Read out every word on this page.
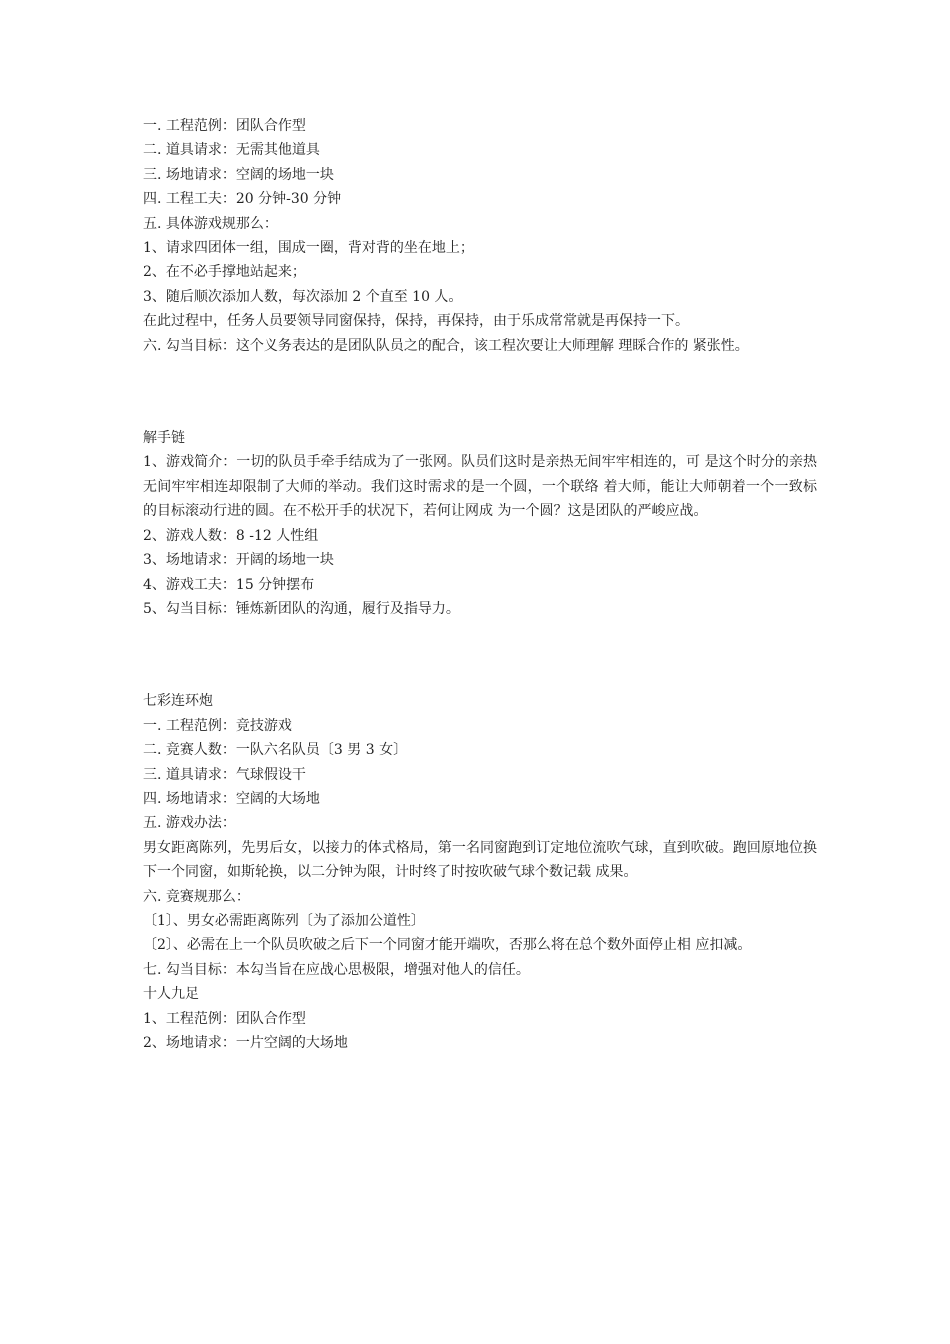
一. 工程范例：团队合作型

二. 道具请求：无需其他道具

三. 场地请求：空阔的场地一块

四. 工程工夫：20 分钟-30 分钟

五. 具体游戏规那么：

1、请求四团体一组，围成一圈，背对背的坐在地上；

2、在不必手撑地站起来；

3、随后顺次添加人数，每次添加 2 个直至 10 人。

在此过程中，任务人员要领导同窗保持，保持，再保持，由于乐成常常就是再保持一下。

六. 勾当目标：这个义务表达的是团队队员之的配合，该工程次要让大师理解 理睬合作的 紧张性。

解手链

1、游戏简介：一切的队员手牵手结成为了一张网。队员们这时是亲热无间牢牢相连的，可 是这个时分的亲热无间牢牢相连却限制了大师的举动。我们这时需求的是一个圆，一个联络 着大师，能让大师朝着一个一致标的目标滚动行进的圆。在不松开手的状况下，若何让网成 为一个圆？这是团队的严峻应战。

2、游戏人数：8 -12 人性组

3、场地请求：开阔的场地一块

4、游戏工夫：15 分钟摆布

5、勾当目标：锤炼新团队的沟通，履行及指导力。

七彩连环炮

一. 工程范例：竞技游戏

二. 竞赛人数：一队六名队员〔3 男 3 女〕

三. 道具请求：气球假设干

四. 场地请求：空阔的大场地

五. 游戏办法：

男女距离陈列，先男后女，以接力的体式格局，第一名同窗跑到订定地位流吹气球，直到吹破。跑回原地位换下一个同窗，如斯轮换，以二分钟为限，计时终了时按吹破气球个数记载 成果。

六. 竞赛规那么：

〔1〕、男女必需距离陈列〔为了添加公道性〕

〔2〕、必需在上一个队员吹破之后下一个同窗才能开端吹，否那么将在总个数外面停止相 应扣减。

七. 勾当目标：本勾当旨在应战心思极限，增强对他人的信任。

十人九足

1、工程范例：团队合作型

2、场地请求：一片空阔的大场地
